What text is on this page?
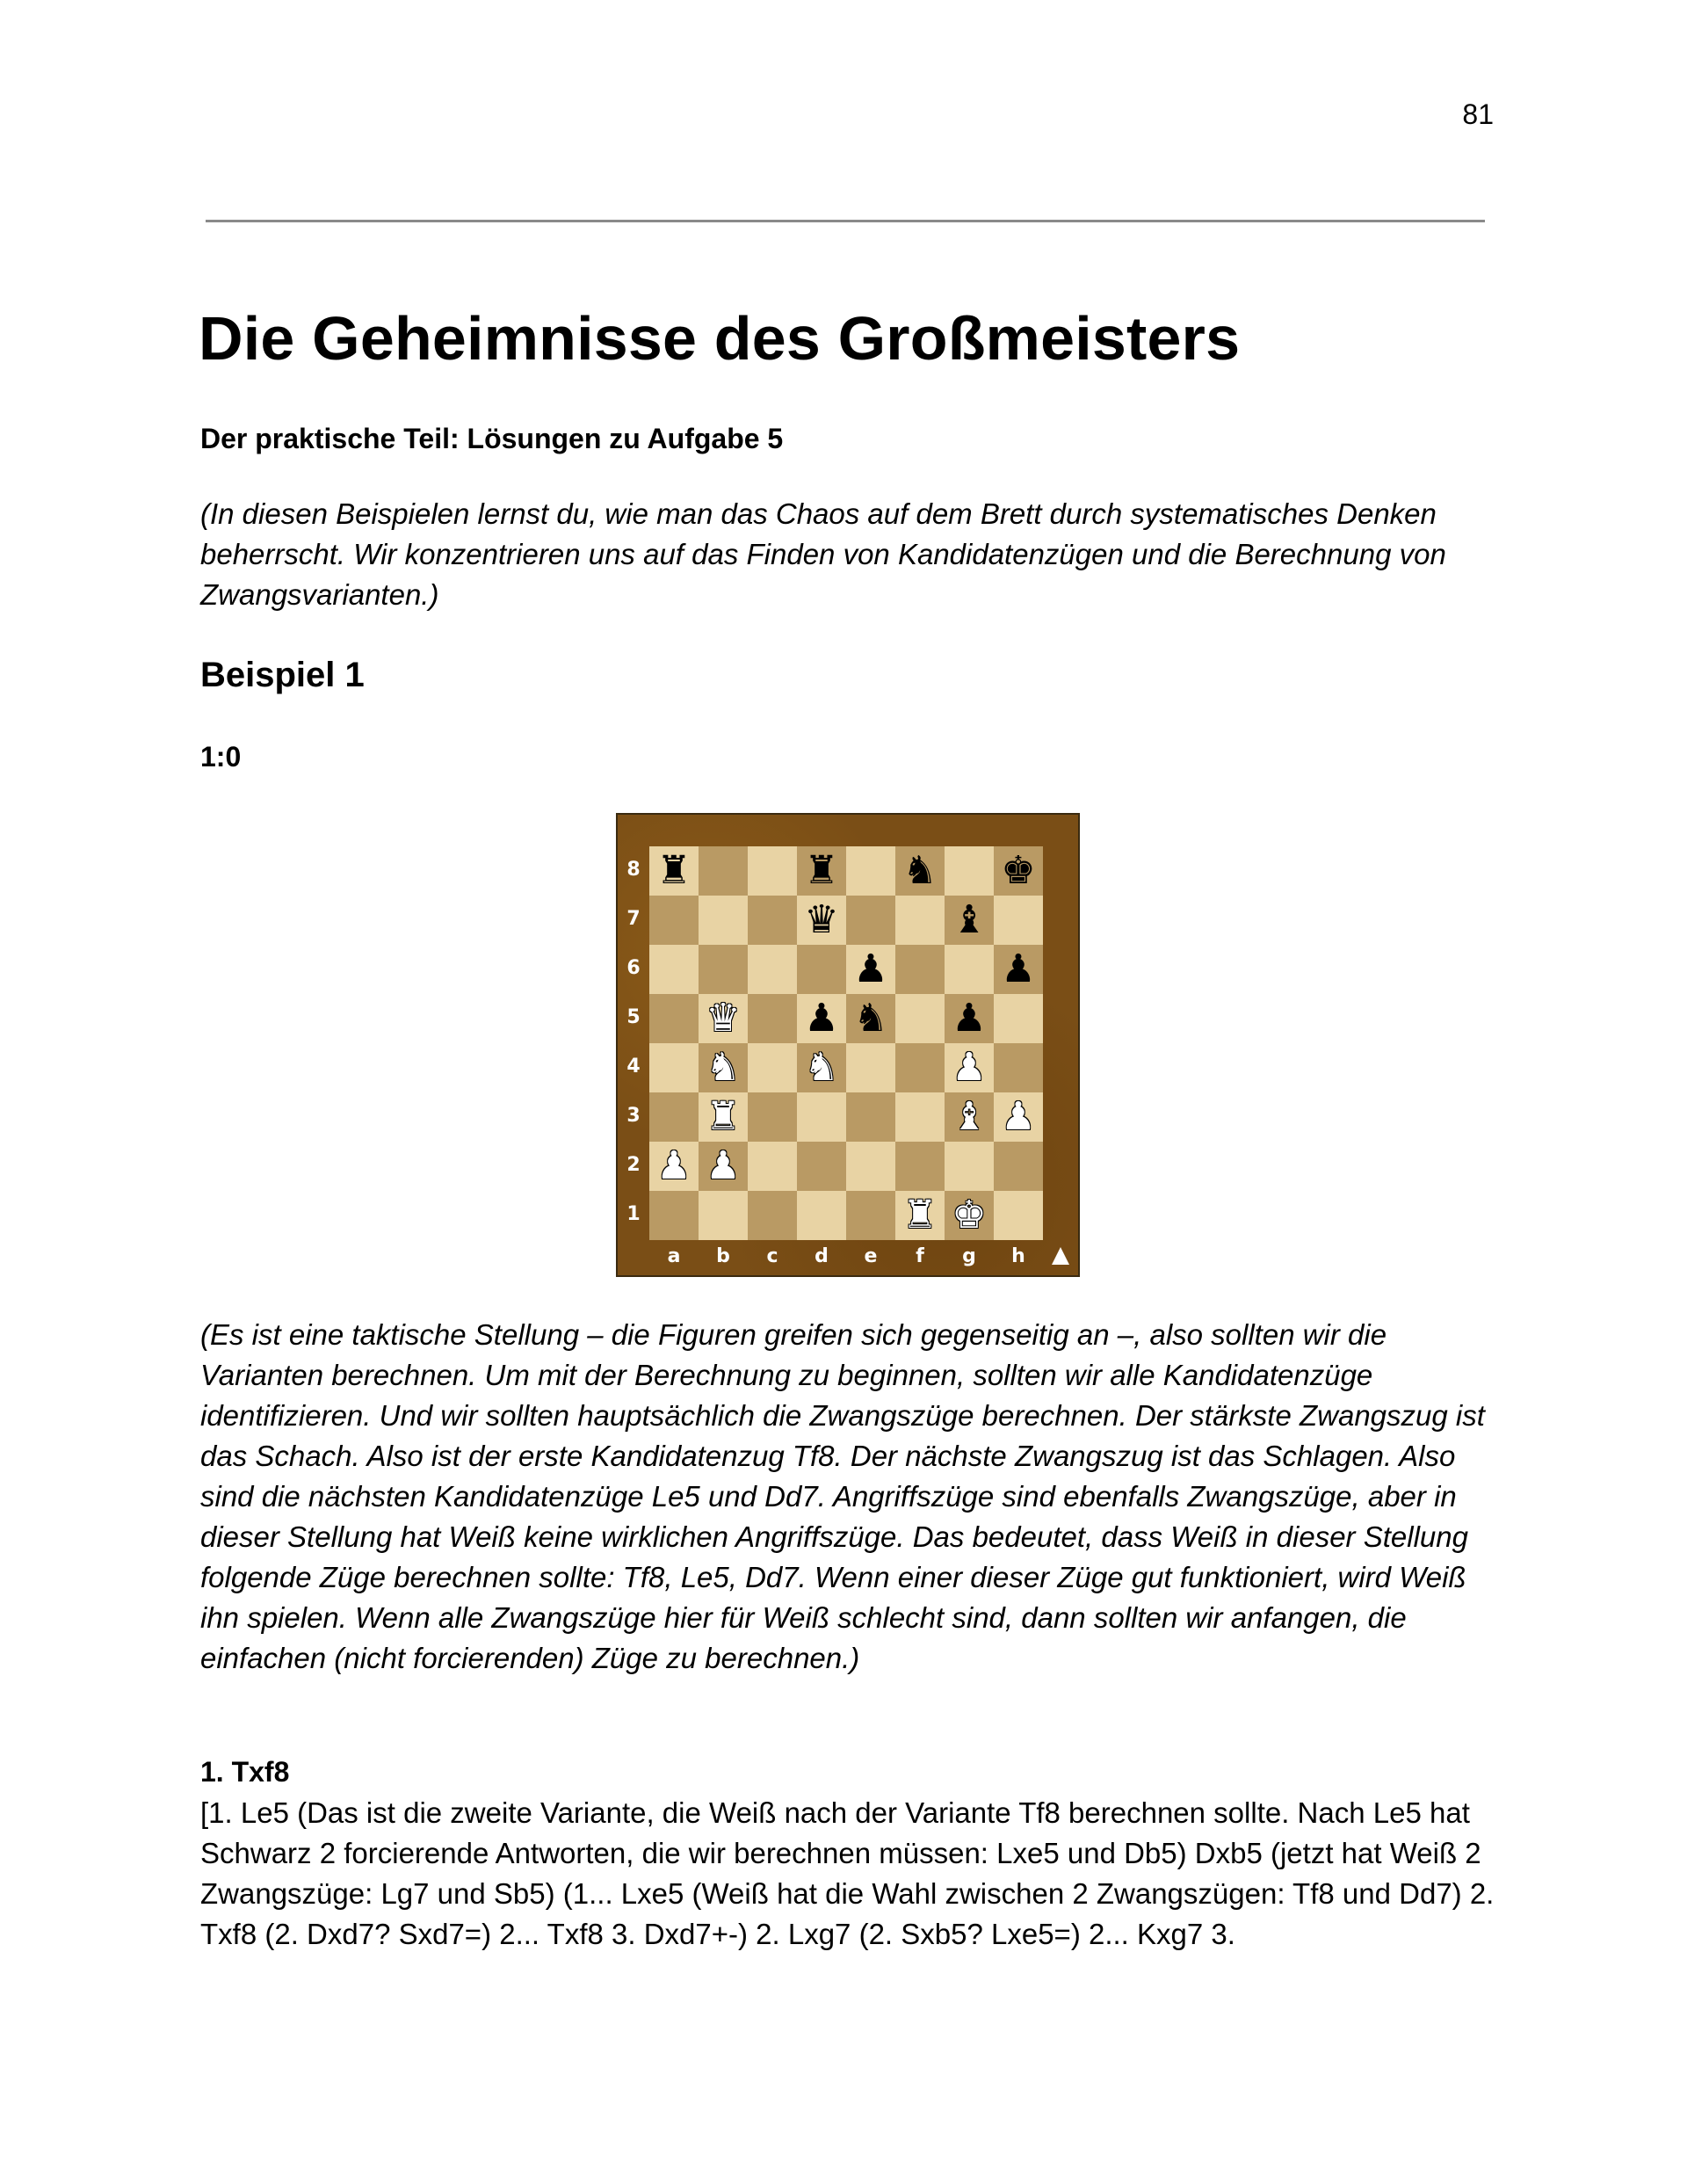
81
Die Geheimnisse des Großmeisters
Der praktische Teil: Lösungen zu Aufgabe 5

(In diesen Beispielen lernst du, wie man das Chaos auf dem Brett durch systematisches Denken beherrscht. Wir konzentrieren uns auf das Finden von Kandidatenzügen und die Berechnung von Zwangsvarianten.)

Beispiel 1

1:0

♜	♜ ♞ ♚
♛	♝
♟	♟
♛ ♟ ♞ ♟
♞ ♞	♟
♜	♝ ♟
♟ ♟
♜ ♚
8
7
6
5
4
3
2
1
a	b	c	d	e	f	g	h

(Es ist eine taktische Stellung – die Figuren greifen sich gegenseitig an –, also sollten wir die Varianten berechnen. Um mit der Berechnung zu beginnen, sollten wir alle Kandidatenzüge identifizieren. Und wir sollten hauptsächlich die Zwangszüge berechnen. Der stärkste Zwangszug ist das Schach. Also ist der erste Kandidatenzug Tf8. Der nächste Zwangszug ist das Schlagen. Also sind die nächsten Kandidatenzüge Le5 und Dd7. Angriffszüge sind ebenfalls Zwangszüge, aber in dieser Stellung hat Weiß keine wirklichen Angriffszüge. Das bedeutet, dass Weiß in dieser Stellung folgende Züge berechnen sollte: Tf8, Le5, Dd7. Wenn einer dieser Züge gut funktioniert, wird Weiß ihn spielen. Wenn alle Zwangszüge hier für Weiß schlecht sind, dann sollten wir anfangen, die einfachen (nicht forcierenden) Züge zu berechnen.)

1. Txf8

[1. Le5 (Das ist die zweite Variante, die Weiß nach der Variante Tf8 berechnen sollte. Nach Le5 hat Schwarz 2 forcierende Antworten, die wir berechnen müssen: Lxe5 und Db5) Dxb5 (jetzt hat Weiß 2 Zwangszüge: Lg7 und Sb5) (1... Lxe5 (Weiß hat die Wahl zwischen 2 Zwangszügen: Tf8 und Dd7) 2. Txf8 (2. Dxd7? Sxd7=) 2... Txf8 3. Dxd7+-) 2. Lxg7 (2. Sxb5? Lxe5=) 2... Kxg7 3.
